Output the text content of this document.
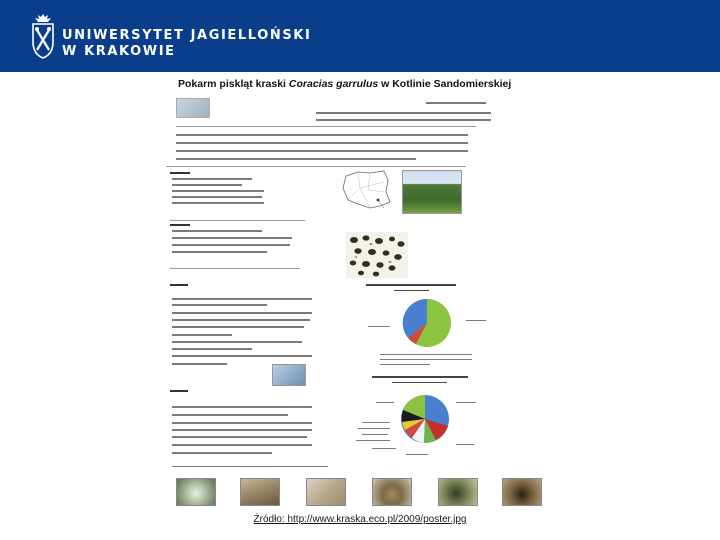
UNIWERSYTET JAGIELLOŃSKI
W KRAKOWIE
Pokarm piskląt kraski Coracias garrulus w Kotlinie Sandomierskiej
Źródło: http://www.kraska.eco.pl/2009/poster.jpg
